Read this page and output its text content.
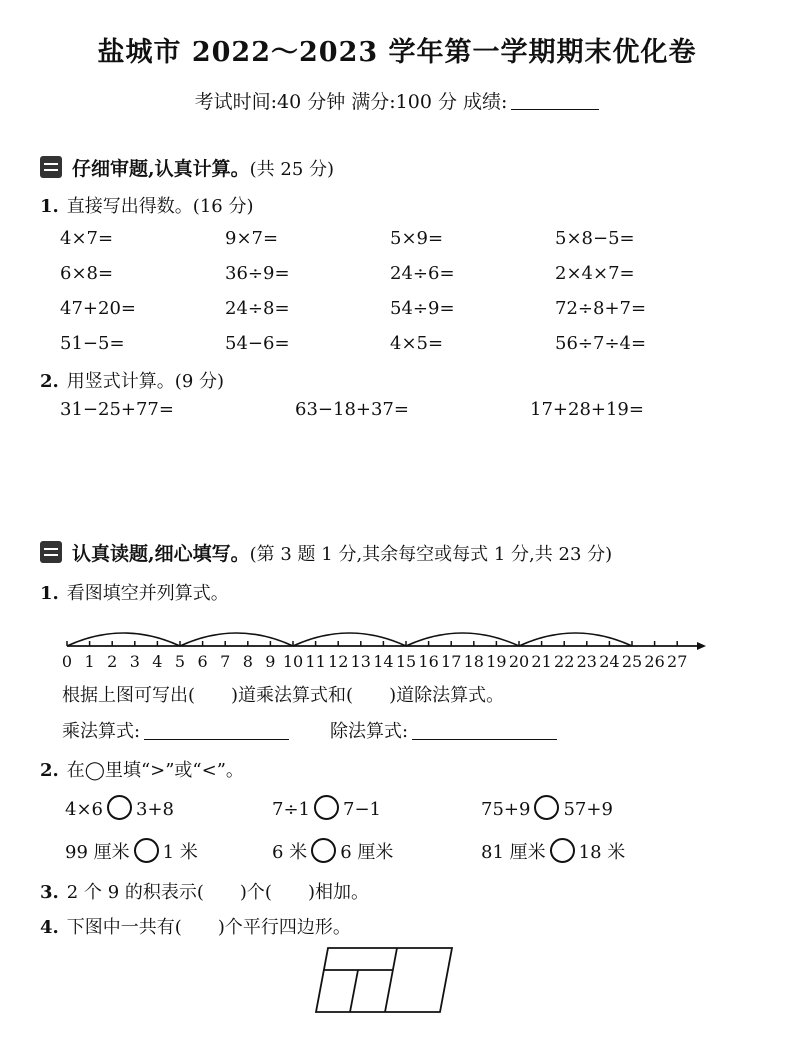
盐城市 2022～2023 学年第一学期期末优化卷
考试时间:40 分钟 满分:100 分 成绩:
仔细审题,认真计算。(共 25 分)
1. 直接写出得数。(16 分)
4×7=	9×7=	5×9=	5×8−5=
6×8=	36÷9=	24÷6=	2×4×7=
47+20=	24÷8=	54÷9=	72÷8+7=
51−5=	54−6=	4×5=	56÷7÷4=
2. 用竖式计算。(9 分)
31−25+77=	63−18+37=	17+28+19=
认真读题,细心填写。(第 3 题 1 分,其余每空或每式 1 分,共 23 分)
1. 看图填空并列算式。
0 1 2 3 4 5 6 7 8 9 10 11 12 13 14 15 16 17 18 19 20 21 22 23 24 25 26 27
根据上图可写出( )道乘法算式和( )道除法算式。
乘法算式:	除法算式:
2. 在◯里填“>”或“<”。
4×6 3+8	7÷1 7−1	75+9 57+9
99 厘米 1 米	6 米 6 厘米	81 厘米 18 米
3. 2 个 9 的积表示( )个( )相加。
4. 下图中一共有( )个平行四边形。
